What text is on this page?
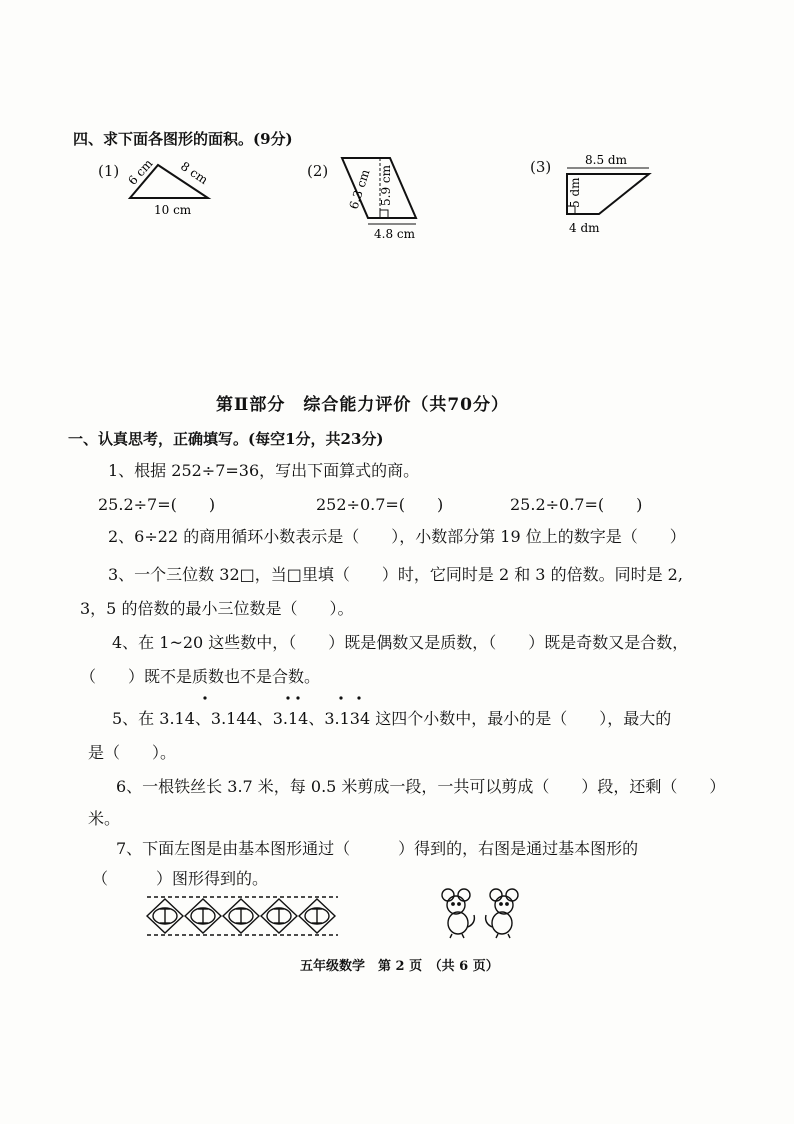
四、求下面各图形的面积。(9分)
(1) 6 cm 8 cm
10 cm
(2) 6.3 cm 5.9 cm
4.8 cm
(3)	8.5 dm
5 dm
4 dm
第Ⅱ部分　综合能力评价（共70分）
一、认真思考，正确填写。(每空1分，共23分)
1、根据 252÷7=36，写出下面算式的商。
25.2÷7=(　　)	252÷0.7=(　　)	25.2÷0.7=(　　)
2、6÷22 的商用循环小数表示是（　　），小数部分第 19 位上的数字是（　　）
3、一个三位数 32□，当□里填（　　）时，它同时是 2 和 3 的倍数。同时是 2,
3，5 的倍数的最小三位数是（　　）。
4、在 1~20 这些数中，（　　）既是偶数又是质数，（　　）既是奇数又是合数，
（　　）既不是质数也不是合数。
5、在 3.14、3.144、3.14、3.134 这四个小数中，最小的是（　　），最大的
是（　　）。
6、一根铁丝长 3.7 米，每 0.5 米剪成一段，一共可以剪成（　　）段，还剩（　　）
米。
7、下面左图是由基本图形通过（　　　）得到的，右图是通过基本图形的
（　　　）图形得到的。
五年级数学　第 2 页　（共 6 页）
